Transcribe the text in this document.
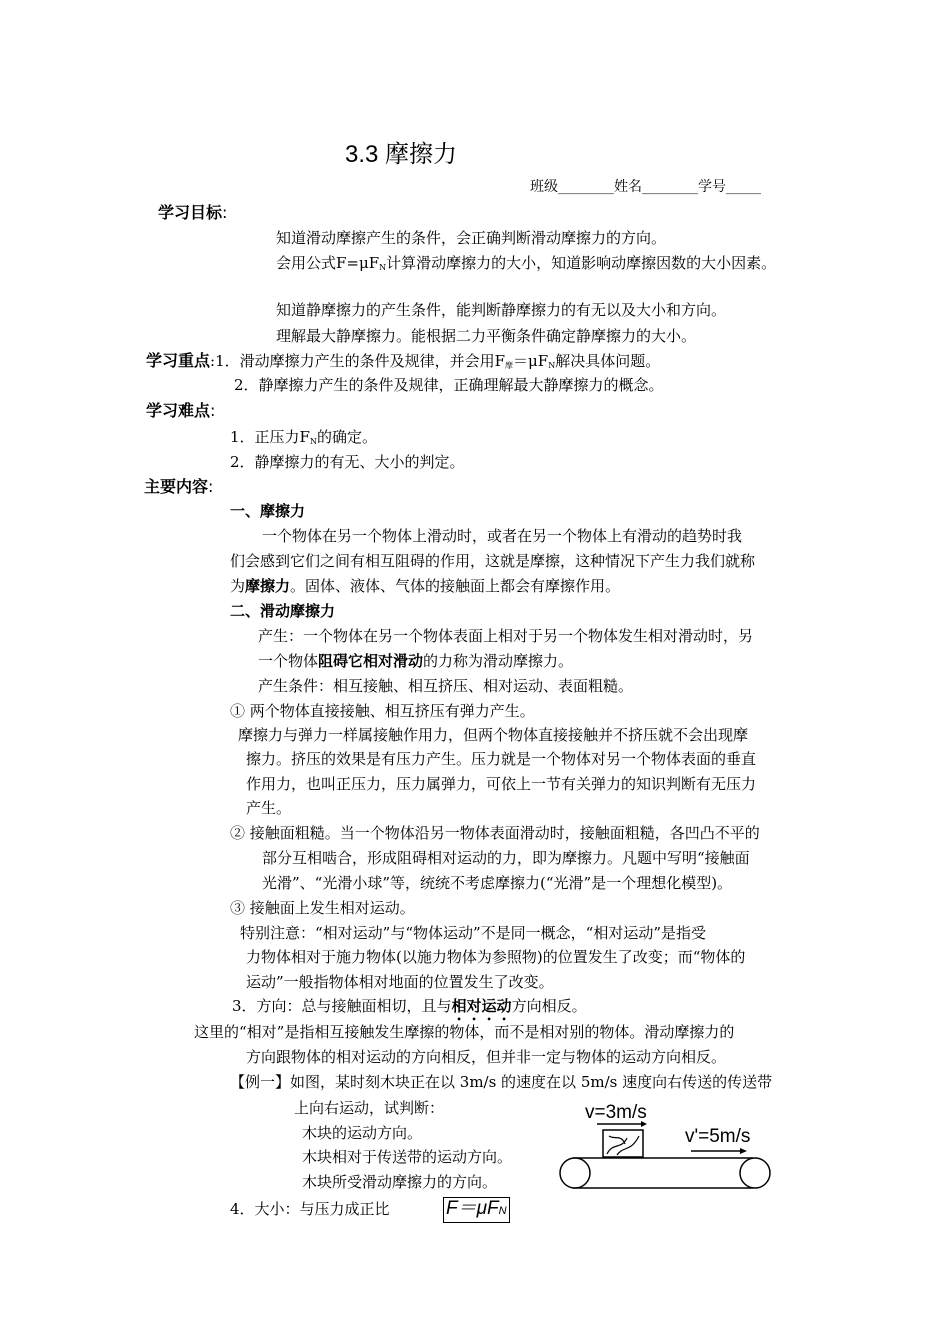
3.3 摩擦力
班级________姓名________学号_____
学习目标:
知道滑动摩擦产生的条件，会正确判断滑动摩擦力的方向。
会用公式F=μFN计算滑动摩擦力的大小，知道影响动摩擦因数的大小因素。
知道静摩擦力的产生条件，能判断静摩擦力的有无以及大小和方向。
理解最大静摩擦力。能根据二力平衡条件确定静摩擦力的大小。
学习重点:1．滑动摩擦力产生的条件及规律，并会用F摩＝μFN解决具体问题。
2．静摩擦力产生的条件及规律，正确理解最大静摩擦力的概念。
学习难点:
1．正压力FN的确定。
2．静摩擦力的有无、大小的判定。
主要内容:
一、摩擦力
一个物体在另一个物体上滑动时，或者在另一个物体上有滑动的趋势时我
们会感到它们之间有相互阻碍的作用，这就是摩擦，这种情况下产生力我们就称
为摩擦力。固体、液体、气体的接触面上都会有摩擦作用。
二、滑动摩擦力
产生：一个物体在另一个物体表面上相对于另一个物体发生相对滑动时，另
一个物体阻碍它相对滑动的力称为滑动摩擦力。
产生条件：相互接触、相互挤压、相对运动、表面粗糙。
① 两个物体直接接触、相互挤压有弹力产生。
摩擦力与弹力一样属接触作用力，但两个物体直接接触并不挤压就不会出现摩
擦力。挤压的效果是有压力产生。压力就是一个物体对另一个物体表面的垂直
作用力，也叫正压力，压力属弹力，可依上一节有关弹力的知识判断有无压力
产生。
② 接触面粗糙。当一个物体沿另一物体表面滑动时，接触面粗糙，各凹凸不平的
部分互相啮合，形成阻碍相对运动的力，即为摩擦力。凡题中写明“接触面
光滑”、“光滑小球”等，统统不考虑摩擦力(“光滑”是一个理想化模型)。
③ 接触面上发生相对运动。
特别注意：“相对运动”与“物体运动”不是同一概念，“相对运动”是指受
力物体相对于施力物体(以施力物体为参照物)的位置发生了改变；而“物体的
运动”一般指物体相对地面的位置发生了改变。
3．方向：总与接触面相切，且与相对运动方向相反。
这里的“相对”是指相互接触发生摩擦的物体，而不是相对别的物体。滑动摩擦力的
方向跟物体的相对运动的方向相反，但并非一定与物体的运动方向相反。
【例一】如图，某时刻木块正在以 3m/s 的速度在以 5m/s 速度向右传送的传送带
上向右运动，试判断：
木块的运动方向。
木块相对于传送带的运动方向。
木块所受滑动摩擦力的方向。
4．大小：与压力成正比	F＝μFN
v=3m/s
v'=5m/s
